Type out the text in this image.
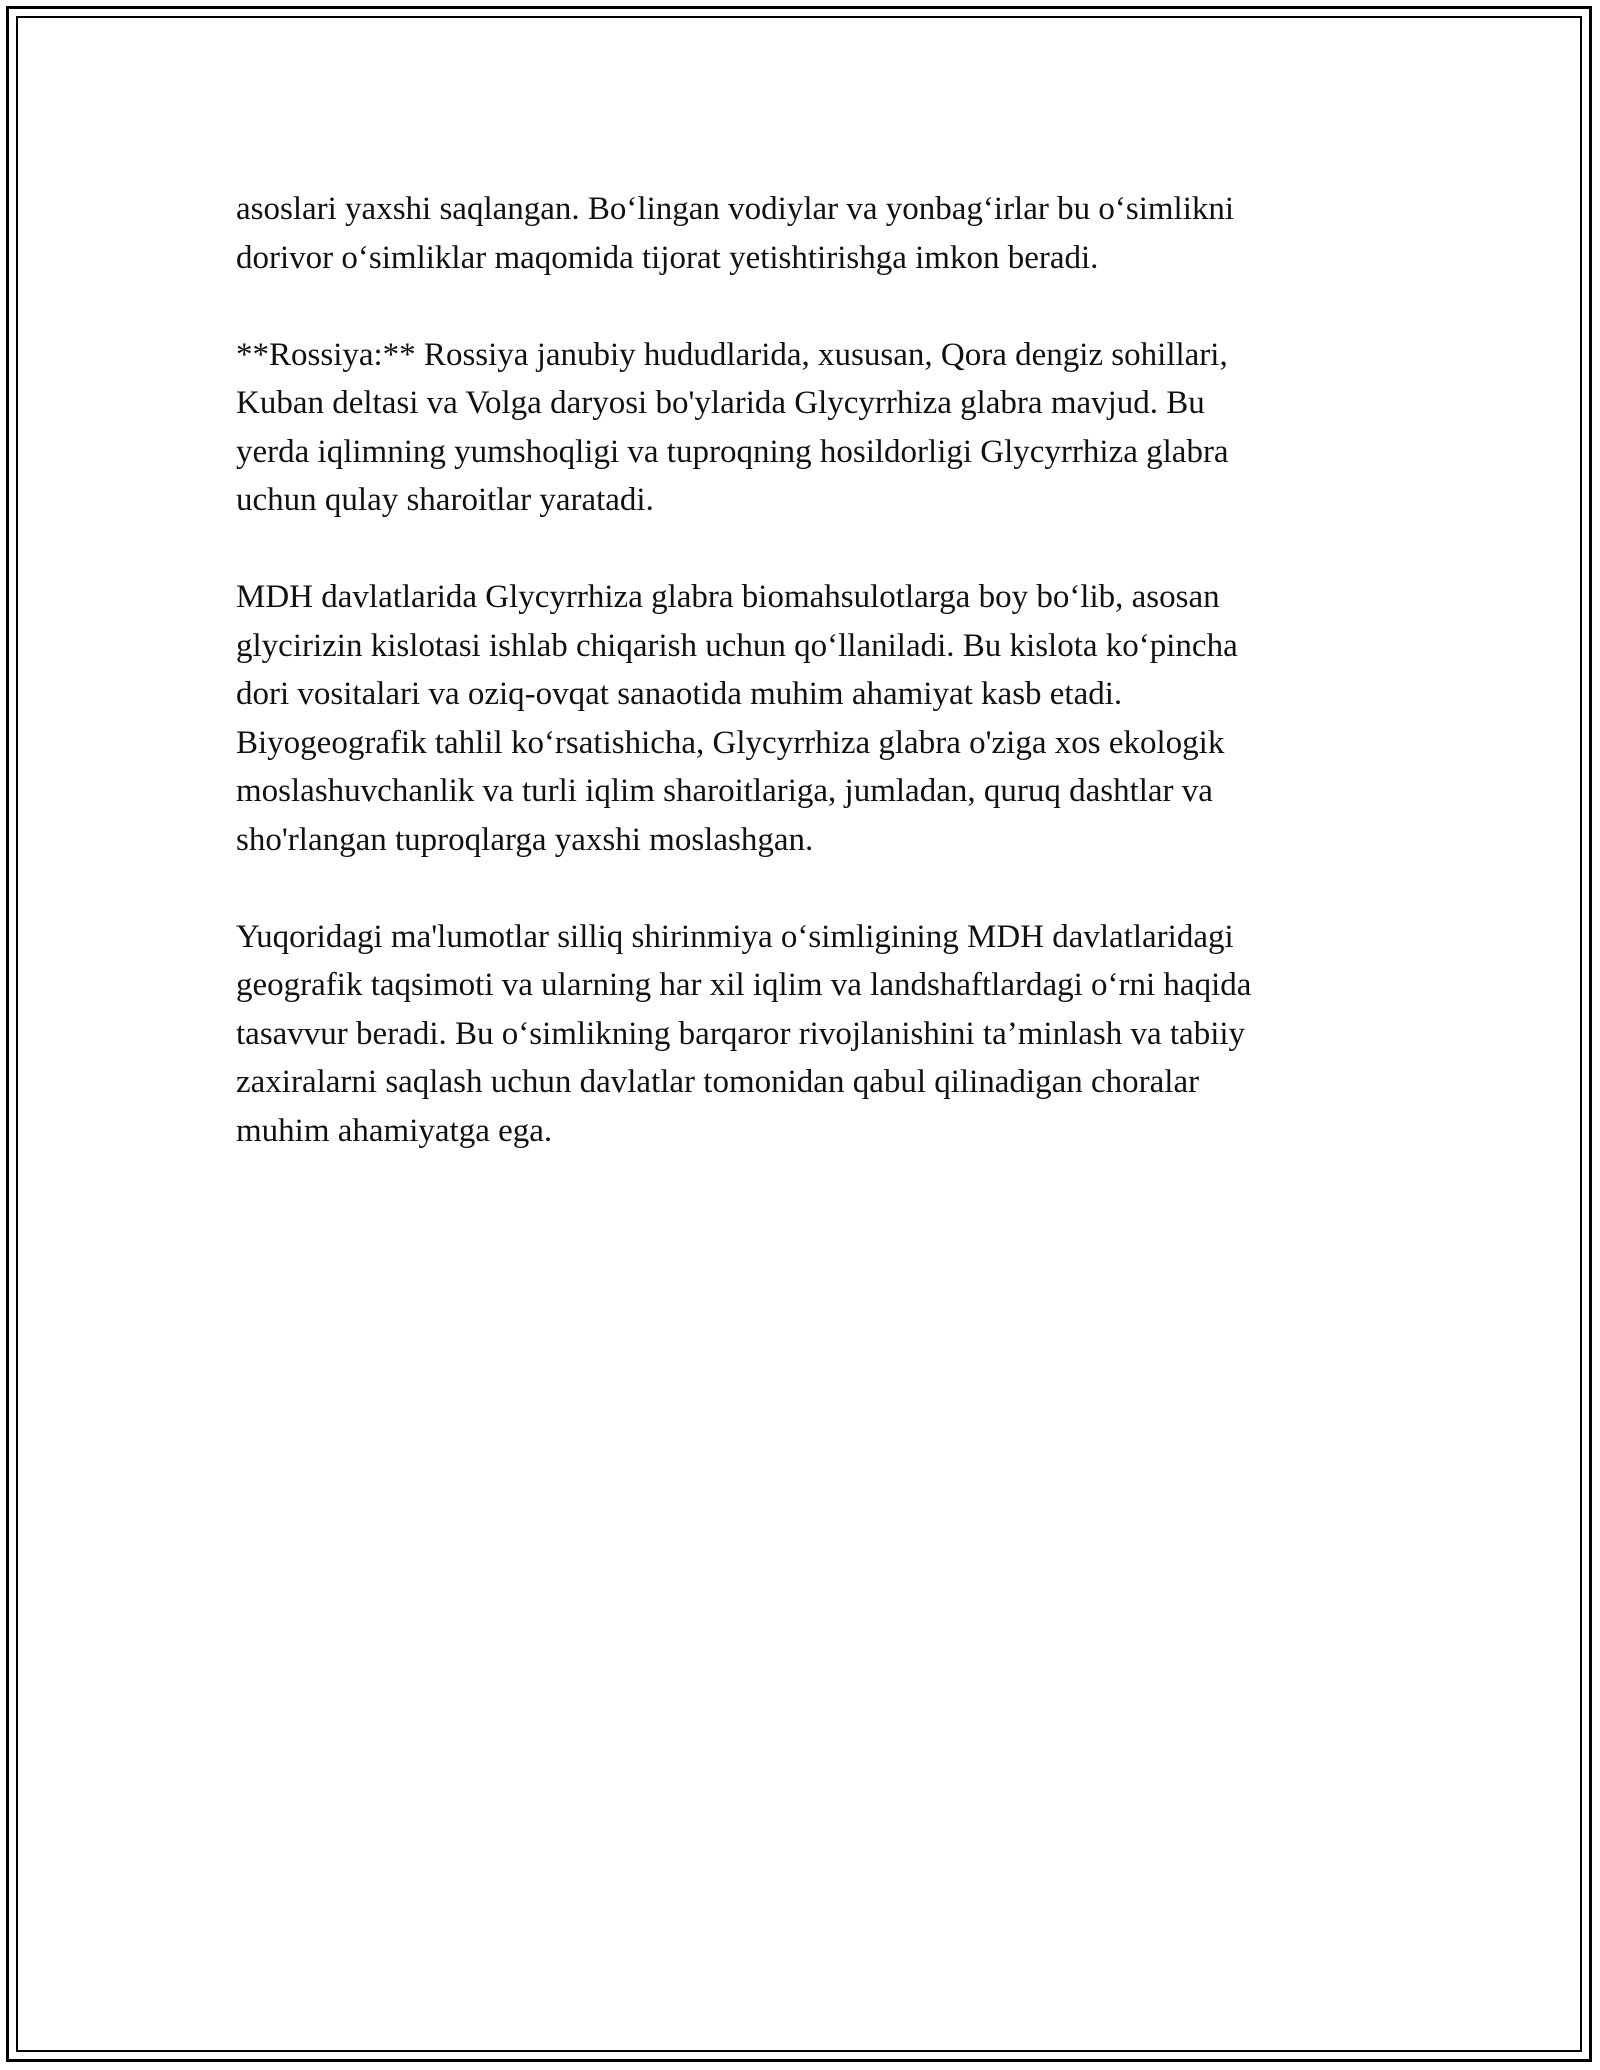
asoslari yaxshi saqlangan. Bo‘lingan vodiylar va yonbag‘irlar bu o‘simlikni
dorivor o‘simliklar maqomida tijorat yetishtirishga imkon beradi.

**Rossiya:** Rossiya janubiy hududlarida, xususan, Qora dengiz sohillari,
Kuban deltasi va Volga daryosi bo'ylarida Glycyrrhiza glabra mavjud. Bu
yerda iqlimning yumshoqligi va tuproqning hosildorligi Glycyrrhiza glabra
uchun qulay sharoitlar yaratadi.

MDH davlatlarida Glycyrrhiza glabra biomahsulotlarga boy bo‘lib, asosan
glycirizin kislotasi ishlab chiqarish uchun qo‘llaniladi. Bu kislota ko‘pincha
dori vositalari va oziq-ovqat sanaotida muhim ahamiyat kasb etadi.
Biyogeografik tahlil ko‘rsatishicha, Glycyrrhiza glabra o'ziga xos ekologik
moslashuvchanlik va turli iqlim sharoitlariga, jumladan, quruq dashtlar va
sho'rlangan tuproqlarga yaxshi moslashgan.

Yuqoridagi ma'lumotlar silliq shirinmiya o‘simligining MDH davlatlaridagi
geografik taqsimoti va ularning har xil iqlim va landshaftlardagi o‘rni haqida
tasavvur beradi. Bu o‘simlikning barqaror rivojlanishini ta’minlash va tabiiy
zaxiralarni saqlash uchun davlatlar tomonidan qabul qilinadigan choralar
muhim ahamiyatga ega.
